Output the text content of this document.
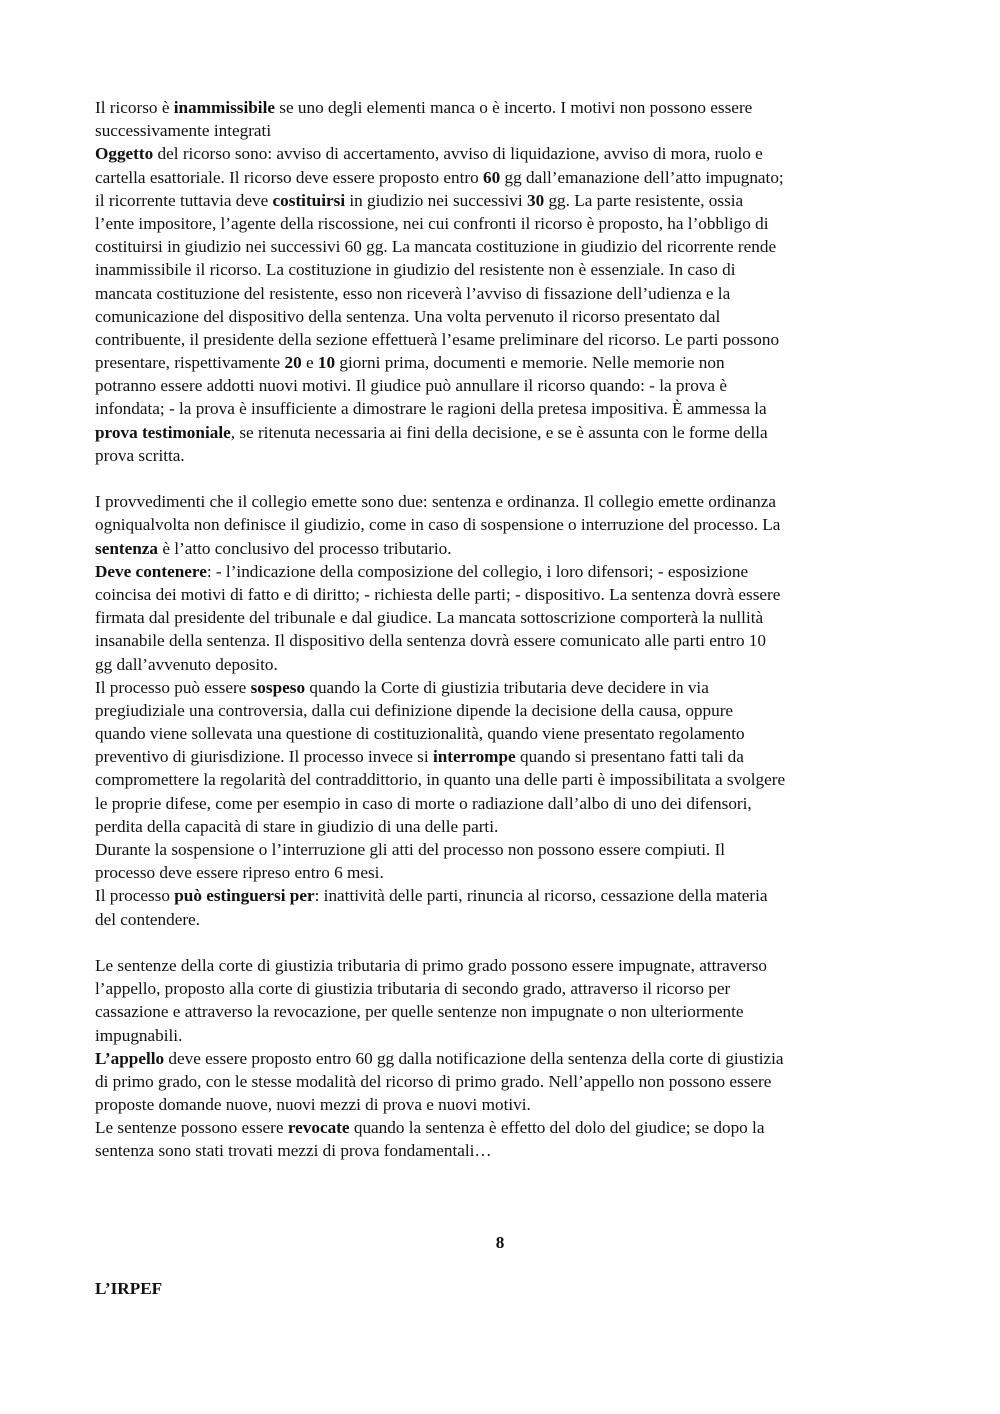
Il ricorso è inammissibile se uno degli elementi manca o è incerto. I motivi non possono essere
successivamente integrati
Oggetto del ricorso sono: avviso di accertamento, avviso di liquidazione, avviso di mora, ruolo e
cartella esattoriale. Il ricorso deve essere proposto entro 60 gg dall’emanazione dell’atto impugnato;
il ricorrente tuttavia deve costituirsi in giudizio nei successivi 30 gg. La parte resistente, ossia
l’ente impositore, l’agente della riscossione, nei cui confronti il ricorso è proposto, ha l’obbligo di
costituirsi in giudizio nei successivi 60 gg. La mancata costituzione in giudizio del ricorrente rende
inammissibile il ricorso. La costituzione in giudizio del resistente non è essenziale. In caso di
mancata costituzione del resistente, esso non riceverà l’avviso di fissazione dell’udienza e la
comunicazione del dispositivo della sentenza. Una volta pervenuto il ricorso presentato dal
contribuente, il presidente della sezione effettuerà l’esame preliminare del ricorso. Le parti possono
presentare, rispettivamente 20 e 10 giorni prima, documenti e memorie. Nelle memorie non
potranno essere addotti nuovi motivi. Il giudice può annullare il ricorso quando: - la prova è
infondata; - la prova è insufficiente a dimostrare le ragioni della pretesa impositiva. È ammessa la
prova testimoniale, se ritenuta necessaria ai fini della decisione, e se è assunta con le forme della
prova scritta.
I provvedimenti che il collegio emette sono due: sentenza e ordinanza. Il collegio emette ordinanza
ogniqualvolta non definisce il giudizio, come in caso di sospensione o interruzione del processo. La
sentenza è l’atto conclusivo del processo tributario.
Deve contenere: - l’indicazione della composizione del collegio, i loro difensori; - esposizione
coincisa dei motivi di fatto e di diritto; - richiesta delle parti; - dispositivo. La sentenza dovrà essere
firmata dal presidente del tribunale e dal giudice. La mancata sottoscrizione comporterà la nullità
insanabile della sentenza. Il dispositivo della sentenza dovrà essere comunicato alle parti entro 10
gg dall’avvenuto deposito.
Il processo può essere sospeso quando la Corte di giustizia tributaria deve decidere in via
pregiudiziale una controversia, dalla cui definizione dipende la decisione della causa, oppure
quando viene sollevata una questione di costituzionalità, quando viene presentato regolamento
preventivo di giurisdizione. Il processo invece si interrompe quando si presentano fatti tali da
compromettere la regolarità del contraddittorio, in quanto una delle parti è impossibilitata a svolgere
le proprie difese, come per esempio in caso di morte o radiazione dall’albo di uno dei difensori,
perdita della capacità di stare in giudizio di una delle parti.
Durante la sospensione o l’interruzione gli atti del processo non possono essere compiuti. Il
processo deve essere ripreso entro 6 mesi.
Il processo può estinguersi per: inattività delle parti, rinuncia al ricorso, cessazione della materia
del contendere.
Le sentenze della corte di giustizia tributaria di primo grado possono essere impugnate, attraverso
l’appello, proposto alla corte di giustizia tributaria di secondo grado, attraverso il ricorso per
cassazione e attraverso la revocazione, per quelle sentenze non impugnate o non ulteriormente
impugnabili.
L’appello deve essere proposto entro 60 gg dalla notificazione della sentenza della corte di giustizia
di primo grado, con le stesse modalità del ricorso di primo grado. Nell’appello non possono essere
proposte domande nuove, nuovi mezzi di prova e nuovi motivi.
Le sentenze possono essere revocate quando la sentenza è effetto del dolo del giudice; se dopo la
sentenza sono stati trovati mezzi di prova fondamentali…
8
L’IRPEF
